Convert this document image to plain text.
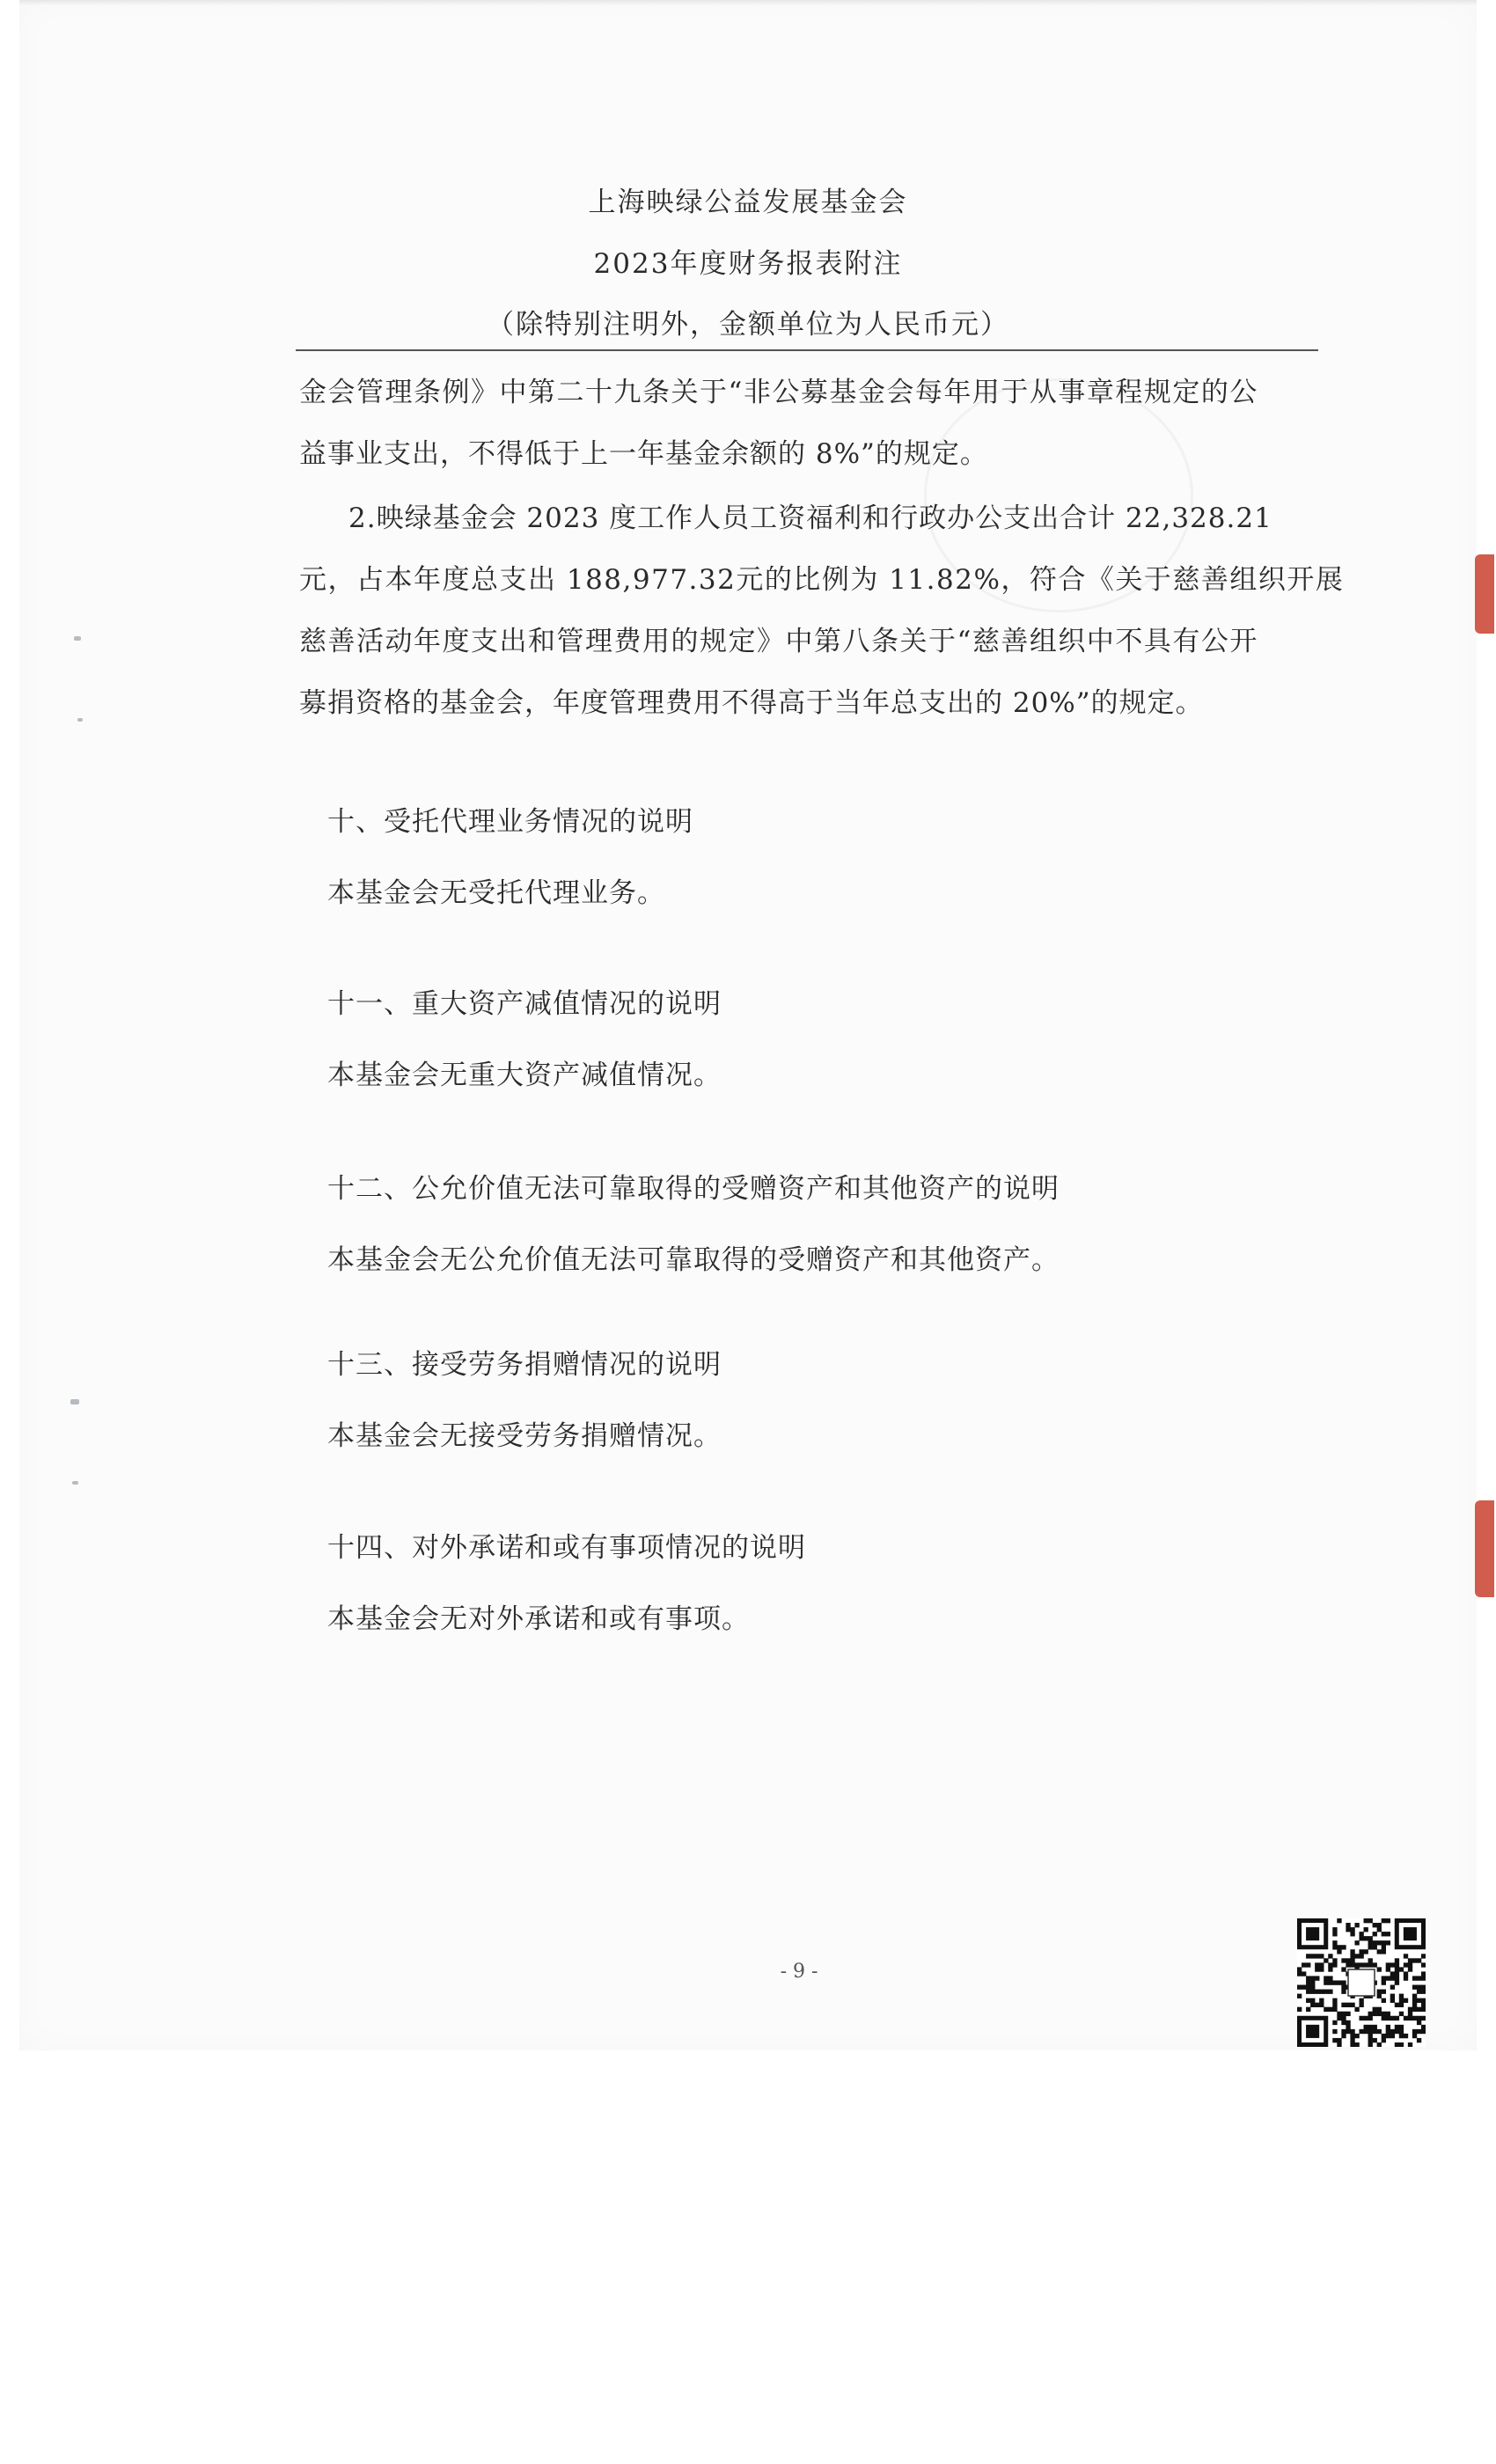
上海映绿公益发展基金会
2023年度财务报表附注
（除特别注明外，金额单位为人民币元）
金会管理条例》中第二十九条关于“非公募基金会每年用于从事章程规定的公
益事业支出，不得低于上一年基金余额的 8%”的规定。
2.映绿基金会 2023 度工作人员工资福利和行政办公支出合计 22,328.21
元，占本年度总支出 188,977.32元的比例为 11.82%，符合《关于慈善组织开展
慈善活动年度支出和管理费用的规定》中第八条关于“慈善组织中不具有公开
募捐资格的基金会，年度管理费用不得高于当年总支出的 20%”的规定。
十、受托代理业务情况的说明
本基金会无受托代理业务。
十一、重大资产减值情况的说明
本基金会无重大资产减值情况。
十二、公允价值无法可靠取得的受赠资产和其他资产的说明
本基金会无公允价值无法可靠取得的受赠资产和其他资产。
十三、接受劳务捐赠情况的说明
本基金会无接受劳务捐赠情况。
十四、对外承诺和或有事项情况的说明
本基金会无对外承诺和或有事项。
- 9 -
